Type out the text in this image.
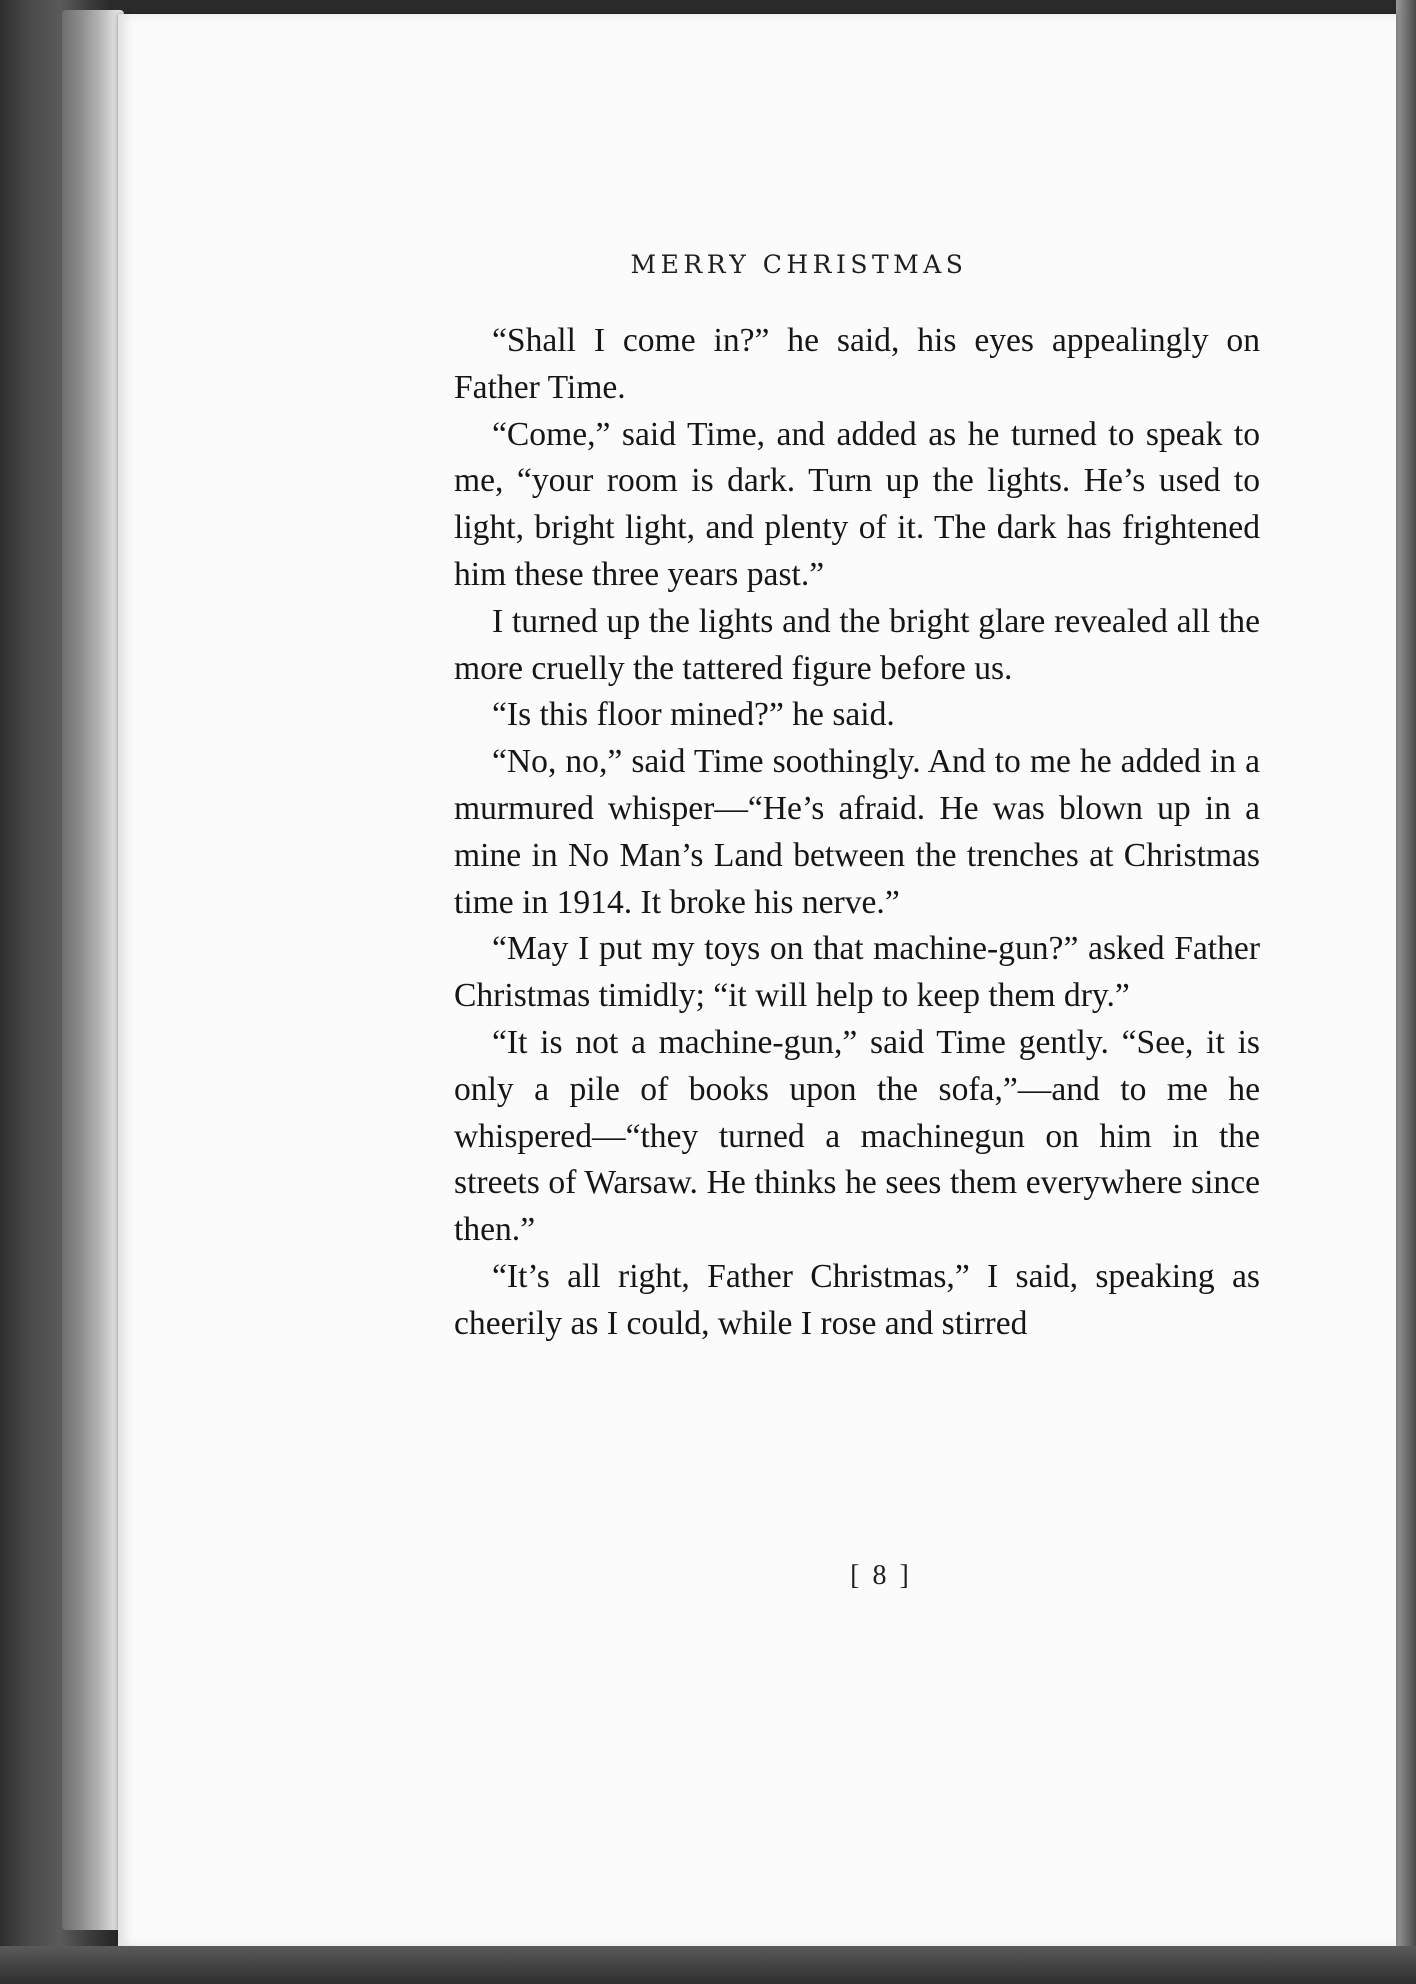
MERRY CHRISTMAS

“Shall I come in?” he said, his eyes appealingly on Father Time.

“Come,” said Time, and added as he turned to speak to me, “your room is dark. Turn up the lights. He’s used to light, bright light, and plenty of it. The dark has frightened him these three years past.”

I turned up the lights and the bright glare revealed all the more cruelly the tattered figure before us.

“Is this floor mined?” he said.

“No, no,” said Time soothingly. And to me he added in a murmured whisper—“He’s afraid. He was blown up in a mine in No Man’s Land between the trenches at Christmas time in 1914. It broke his nerve.”

“May I put my toys on that machine-gun?” asked Father Christmas timidly; “it will help to keep them dry.”

“It is not a machine-gun,” said Time gently. “See, it is only a pile of books upon the sofa,”—and to me he whispered—“they turned a machinegun on him in the streets of Warsaw. He thinks he sees them everywhere since then.”

“It’s all right, Father Christmas,” I said, speaking as cheerily as I could, while I rose and stirred

[ 8 ]
